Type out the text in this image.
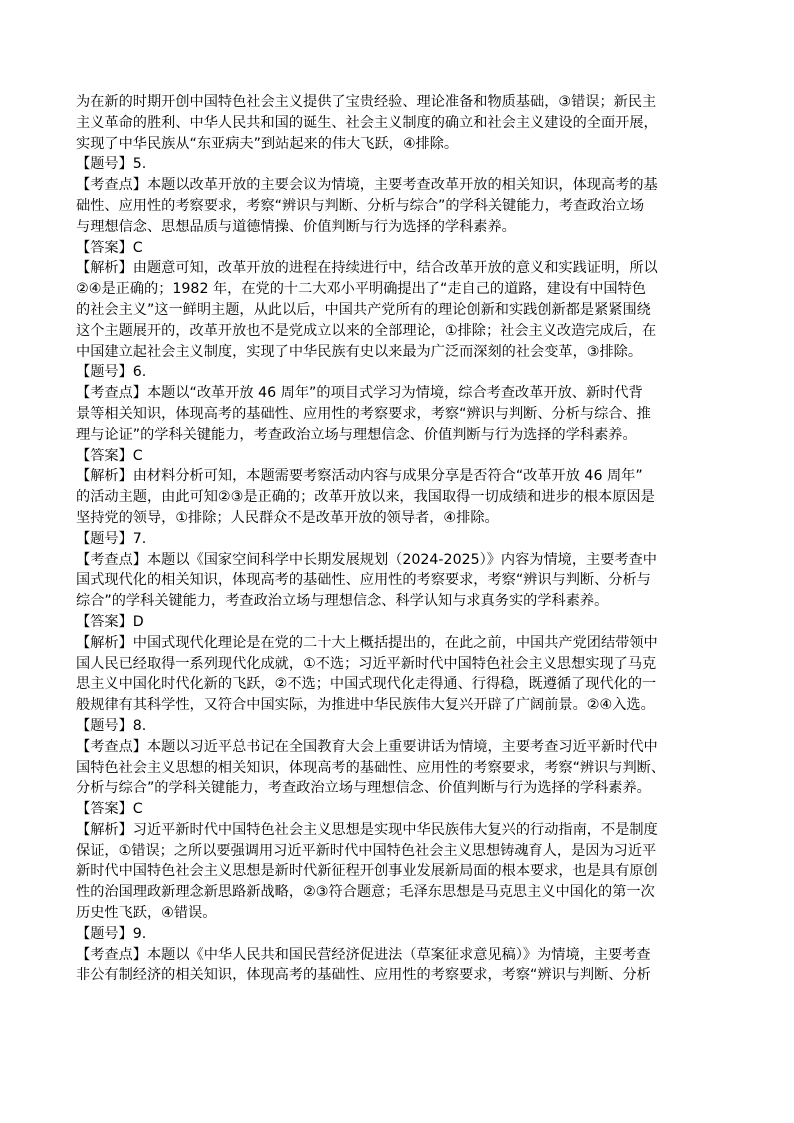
为在新的时期开创中国特色社会主义提供了宝贵经验、理论准备和物质基础，③错误；新民主
主义革命的胜利、中华人民共和国的诞生、社会主义制度的确立和社会主义建设的全面开展，
实现了中华民族从“东亚病夫”到站起来的伟大飞跃，④排除。
【题号】5.
【考查点】本题以改革开放的主要会议为情境，主要考查改革开放的相关知识，体现高考的基
础性、应用性的考察要求，考察“辨识与判断、分析与综合”的学科关键能力，考查政治立场
与理想信念、思想品质与道德情操、价值判断与行为选择的学科素养。
【答案】C
【解析】由题意可知，改革开放的进程在持续进行中，结合改革开放的意义和实践证明，所以
②④是正确的；1982 年，在党的十二大邓小平明确提出了“走自己的道路，建设有中国特色
的社会主义”这一鲜明主题，从此以后，中国共产党所有的理论创新和实践创新都是紧紧围绕
这个主题展开的，改革开放也不是党成立以来的全部理论，①排除；社会主义改造完成后，在
中国建立起社会主义制度，实现了中华民族有史以来最为广泛而深刻的社会变革，③排除。
【题号】6.
【考查点】本题以“改革开放 46 周年”的项目式学习为情境，综合考查改革开放、新时代背
景等相关知识，体现高考的基础性、应用性的考察要求，考察“辨识与判断、分析与综合、推
理与论证”的学科关键能力，考查政治立场与理想信念、价值判断与行为选择的学科素养。
【答案】C
【解析】由材料分析可知，本题需要考察活动内容与成果分享是否符合“改革开放 46 周年”
的活动主题，由此可知②③是正确的；改革开放以来，我国取得一切成绩和进步的根本原因是
坚持党的领导，①排除；人民群众不是改革开放的领导者，④排除。
【题号】7.
【考查点】本题以《国家空间科学中长期发展规划（2024-2025）》内容为情境，主要考查中
国式现代化的相关知识，体现高考的基础性、应用性的考察要求，考察“辨识与判断、分析与
综合”的学科关键能力，考查政治立场与理想信念、科学认知与求真务实的学科素养。
【答案】D
【解析】中国式现代化理论是在党的二十大上概括提出的，在此之前，中国共产党团结带领中
国人民已经取得一系列现代化成就，①不选；习近平新时代中国特色社会主义思想实现了马克
思主义中国化时代化新的飞跃，②不选；中国式现代化走得通、行得稳，既遵循了现代化的一
般规律有其科学性，又符合中国实际，为推进中华民族伟大复兴开辟了广阔前景。②④入选。
【题号】8.
【考查点】本题以习近平总书记在全国教育大会上重要讲话为情境，主要考查习近平新时代中
国特色社会主义思想的相关知识，体现高考的基础性、应用性的考察要求，考察“辨识与判断、
分析与综合”的学科关键能力，考查政治立场与理想信念、价值判断与行为选择的学科素养。
【答案】C
【解析】习近平新时代中国特色社会主义思想是实现中华民族伟大复兴的行动指南，不是制度
保证，①错误；之所以要强调用习近平新时代中国特色社会主义思想铸魂育人，是因为习近平
新时代中国特色社会主义思想是新时代新征程开创事业发展新局面的根本要求，也是具有原创
性的治国理政新理念新思路新战略，②③符合题意；毛泽东思想是马克思主义中国化的第一次
历史性飞跃，④错误。
【题号】9.
【考查点】本题以《中华人民共和国民营经济促进法（草案征求意见稿）》为情境，主要考查
非公有制经济的相关知识，体现高考的基础性、应用性的考察要求，考察“辨识与判断、分析
